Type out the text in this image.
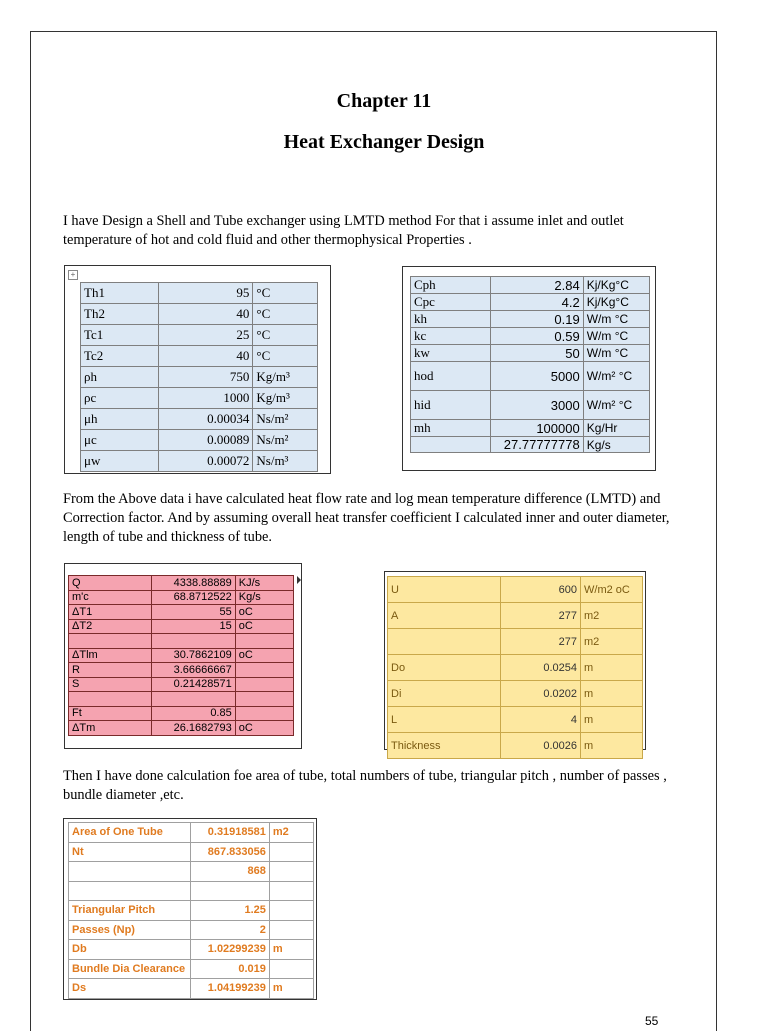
Chapter 11
Heat Exchanger Design
I have Design a Shell and Tube exchanger using LMTD method For that i assume inlet and outlet temperature of hot and cold fluid and other thermophysical Properties .
+
Th1	95	°C
Th2	40	°C
Tc1	25	°C
Tc2	40	°C
ρh	750	Kg/m³
ρc	1000	Kg/m³
μh	0.00034	Ns/m²
μc	0.00089	Ns/m²
μw	0.00072	Ns/m³
Cph	2.84	Kj/Kg°C
Cpc	4.2	Kj/Kg°C
kh	0.19	W/m °C
kc	0.59	W/m °C
kw	50	W/m °C
hod	5000	W/m² °C
hid	3000	W/m² °C
mh	100000	Kg/Hr
	27.77777778	Kg/s
From the Above data i have calculated heat flow rate and log mean temperature difference (LMTD) and Correction factor. And by assuming overall heat transfer coefficient I calculated inner and outer diameter, length of tube and thickness of tube.
Q	4338.88889	KJ/s
m'c	68.8712522	Kg/s
ΔT1	55	oC
ΔT2	15	oC

ΔTlm	30.7862109	oC
R	3.66666667	
S	0.21428571	

Ft	0.85	
ΔTm	26.1682793	oC
U	600	W/m2 oC
A	277	m2
	277	m2
Do	0.0254	m
Di	0.0202	m
L	4	m
Thickness	0.0026	m
Then I have done calculation foe area of tube, total numbers of tube, triangular pitch , number of passes , bundle diameter ,etc.
Area of One Tube	0.31918581	m2
Nt	867.833056	
	868	

Triangular Pitch	1.25	
Passes (Np)	2	
Db	1.02299239	m
Bundle Dia Clearance	0.019	
Ds	1.04199239	m
55
